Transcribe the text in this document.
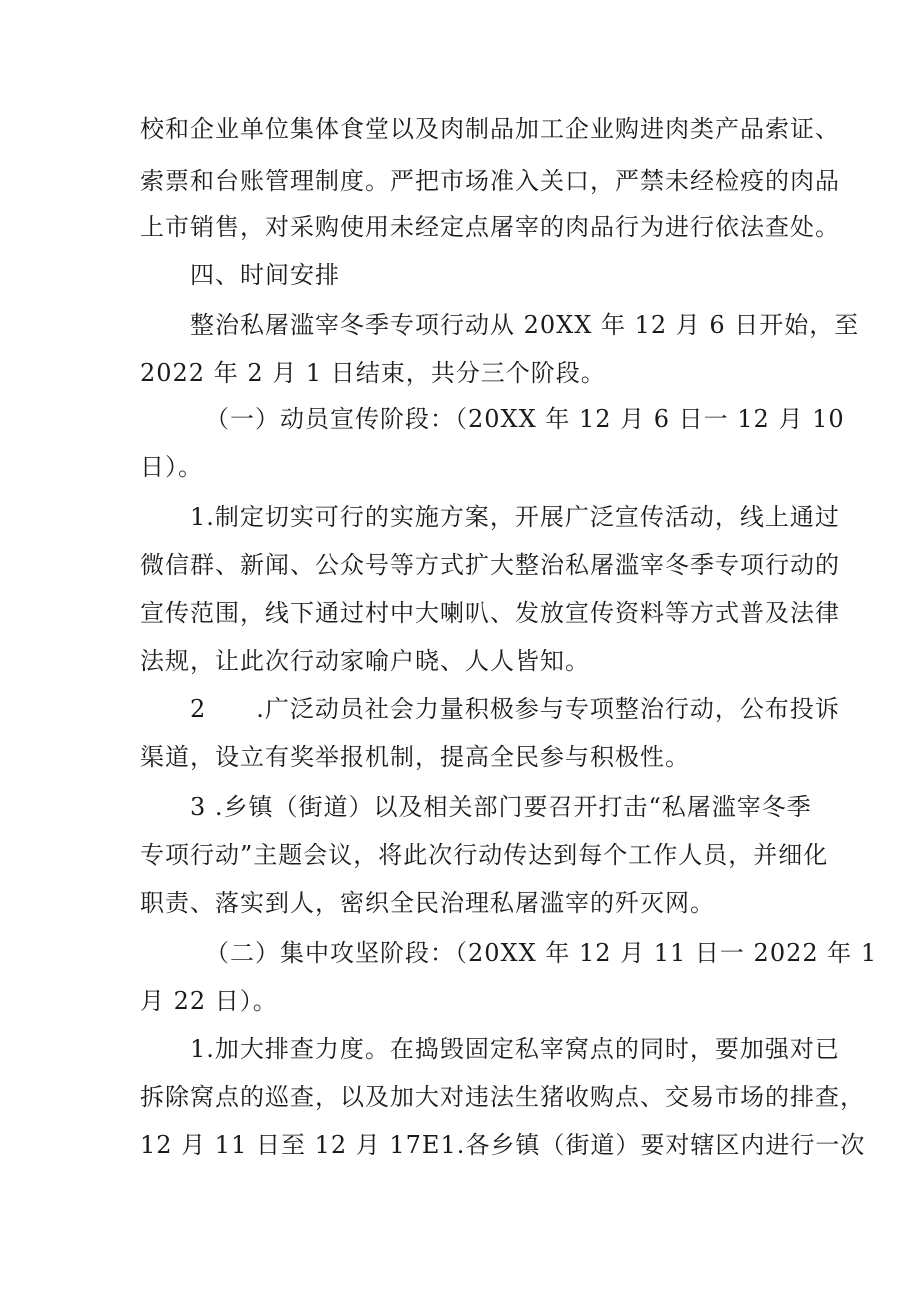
校和企业单位集体食堂以及肉制品加工企业购进肉类产品索证、
索票和台账管理制度。严把市场准入关口，严禁未经检疫的肉品
上市销售，对采购使用未经定点屠宰的肉品行为进行依法查处。
四、时间安排
整治私屠滥宰冬季专项行动从 20XX 年 12 月 6 日开始，至
2022 年 2 月 1 日结束，共分三个阶段。
（一）动员宣传阶段：（20XX 年 12 月 6 日一 12 月 10
日）。
1.制定切实可行的实施方案，开展广泛宣传活动，线上通过
微信群、新闻、公众号等方式扩大整治私屠滥宰冬季专项行动的
宣传范围，线下通过村中大喇叭、发放宣传资料等方式普及法律
法规，让此次行动家喻户晓、人人皆知。
2　　.广泛动员社会力量积极参与专项整治行动，公布投诉
渠道，设立有奖举报机制，提高全民参与积极性。
3 .乡镇（街道）以及相关部门要召开打击“私屠滥宰冬季
专项行动”主题会议，将此次行动传达到每个工作人员，并细化
职责、落实到人，密织全民治理私屠滥宰的歼灭网。
（二）集中攻坚阶段：（20XX 年 12 月 11 日一 2022 年 1
月 22 日）。
1.加大排查力度。在捣毁固定私宰窝点的同时，要加强对已
拆除窝点的巡查，以及加大对违法生猪收购点、交易市场的排查，
12 月 11 日至 12 月 17E1.各乡镇（街道）要对辖区内进行一次
